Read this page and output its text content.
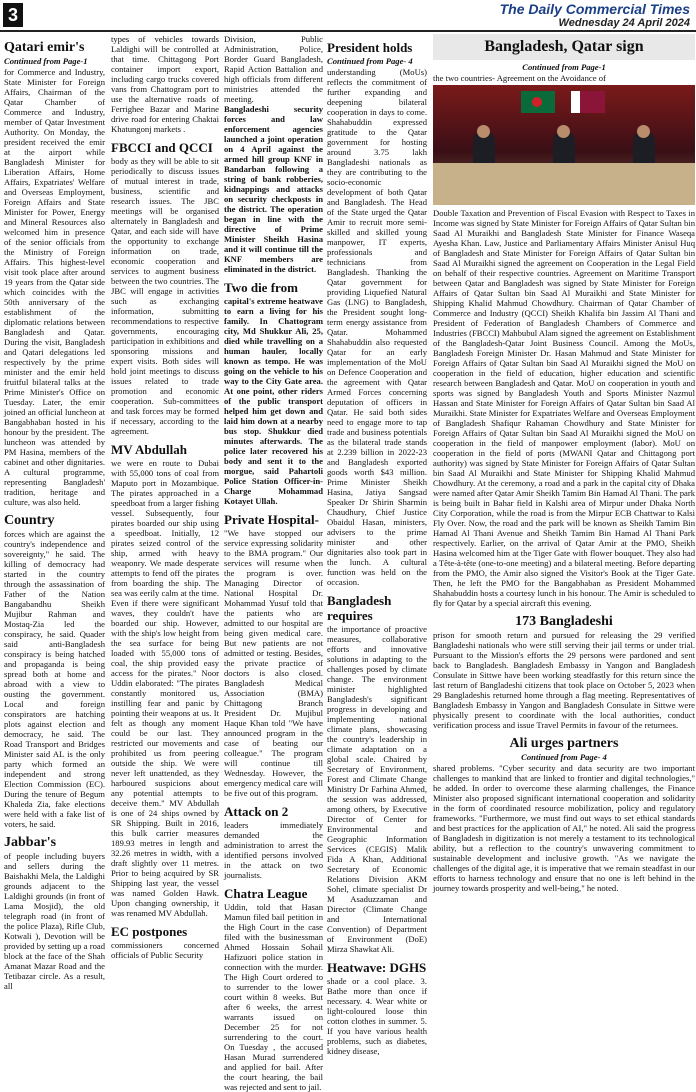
3	The Daily Commercial Times
Wednesday 24 April 2024
Qatari emir's
Continued from Page-1

for Commerce and Industry, State Minister for Foreign Affairs, Chairman of the Qatar Chamber of Commerce and Industry, member of Qatar Investment Authority. On Monday, the president received the emir at the airport while Bangladesh Minister for Liberation Affairs, Home Affairs, Expatriates' Welfare and Overseas Employment, Foreign Affairs and State Minister for Power, Energy and Mineral Resources also welcomed him in presence of the senior officials from the Ministry of Foreign Affairs. This highest-level visit took place after around 19 years from the Qatar side which coincides with the 50th anniversary of the establishment of the diplomatic relations between Bangladesh and Qatar. During the visit, Bangladesh and Qatari delegations led respectively by the prime minister and the emir held fruitful bilateral talks at the Prime Minister's Office on Tuesday. Later, the emir joined an official luncheon at Bangabhaban hosted in his honour by the president. The luncheon was attended by PM Hasina, members of the cabinet and other dignitaries. A cultural programme, representing Bangladesh' tradition, heritage and culture, was also held.

Country

forces which are against the country's independence and sovereignty," he said. The killing of democracy had started in the country through the assassination of Father of the Nation Bangabandhu Sheikh Mujibur Rahman and Mostaq-Zia led the conspiracy, he said. Quader said anti-Bangladesh conspiracy is being hatched and propaganda is being spread both at home and abroad with a view to ousting the government. Local and foreign conspirators are hatching plots against election and democracy, he said. The Road Transport and Bridges Minister said AL is the only party which formed an independent and strong Election Commission (EC). During the tenure of Begum Khaleda Zia, fake elections were held with a fake list of voters, he said.

Jabbar's

of people including buyers and sellers during the Baishakhi Mela, the Laldighi grounds adjacent to the Laldighi grounds (in front of Lama Mosjid), the old telegraph road (in front of the police Plaza), Rifle Club, Kotwali ), Devotion will be provided by setting up a road block at the face of the Shah Amanat Mazar Road and the Tetibazar circle. As a result, all

types of vehicles towards Laldighi will be controlled at that time. Chittagong Port container import export, including cargo trucks covered vans from Chattogram port to use the alternative roads of Ferrighee Bazar and Marine drive road for entering Chaktai Khatungonj markets .

FBCCI and QCCI

body as they will be able to sit periodically to discuss issues of mutual interest in trade, business, scientific and research issues. The JBC meetings will be organised alternately in Bangladesh and Qatar, and each side will have the opportunity to exchange information on trade, economic cooperation and services to augment business between the two countries. The JBC will engage in activities such as exchanging information, submitting recommendations to respective governments, encouraging participation in exhibitions and sponsoring missions and expert visits. Both sides will hold joint meetings to discuss issues related to trade promotion and economic cooperation. Sub-committees and task forces may be formed if necessary, according to the agreement.

MV Abdullah

we were en route to Dubai with 55,000 tons of coal from Maputo port in Mozambique. The pirates approached in a speedboat from a larger fishing vessel. Subsequently, four pirates boarded our ship using a speedboat. Initially, 12 pirates seized control of the ship, armed with heavy weaponry. We made desperate attempts to fend off the pirates from boarding the ship. The sea was eerily calm at the time. Even if there were significant waves, they couldn't have boarded our ship. However, with the ship's low height from the sea surface for being loaded with 55,000 tons of coal, the ship provided easy access for the pirates." Noor Uddin elaborated: "The pirates constantly monitored us, instilling fear and panic by pointing their weapons at us. It felt as though any moment could be our last. They restricted our movements and prohibited us from peering outside the ship. We were never left unattended, as they harboured suspicions about any potential attempts to deceive them." MV Abdullah is one of 24 ships owned by SR Shipping. Built in 2016, this bulk carrier measures 189.93 metres in length and 32.26 metres in width, with a draft slightly over 11 metres. Prior to being acquired by SR Shipping last year, the vessel was named Golden Hawk. Upon changing ownership, it was renamed MV Abdullah.

EC postpones

commissioners concerned officials of Public Security

Division, Public Administration, Police, Border Guard Bangladesh, Rapid Action Battalion and high officials from different ministries attended the meeting.

Bangladeshi security forces and law enforcement agencies launched a joint operation on 4 April against the armed hill group KNF in Bandarban following a string of bank robberies, kidnappings and attacks on security checkposts in the district. The operation began in line with the directive of Prime Minister Sheikh Hasina and it will continue till the KNF members are eliminated in the district.

Two die from

capital's extreme heatwave to earn a living for his family. In Chattogram city, Md Shukkur Ali, 25, died while travelling on a human hauler, locally known as tempo. He was going on the vehicle to his way to the City Gate area. At one point, other riders of the public transport helped him get down and laid him down at a nearby bus stop. Shukkur died minutes afterwards. The police later recovered his body and sent it to the morgue, said Pahartoli Police Station Officer-in-Charge Mohammad Kotayet Ullah.

Private Hospital-

"We have stopped our service expressing solidarity to the BMA program." Our services will resume when the program is over. Managing Director of National Hospital Dr. Mohammad Yusuf told that the patients who are admitted to our hospital are being given medical care. But new patients are not admitted or testing. Besides, the private practice of doctors is also closed. Bangladesh Medical Association (BMA) Chittagong Branch President Dr. Mujibul Haque Khan told "We have announced program in the case of beating our colleague." The program will continue till Wednesday. However, the emergency medical care will be five out of this program.

Attack on 2

leaders immediately demanded the administration to arrest the identified persons involved in the attack on two journalists.

Chatra League

Uddin, told that Hasan Mamun filed bail petition in the High Court in the case filed with the businessman Ahmed Hossain Sohail Hafizuori police station in connection with the murder. The High Court ordered to to surrender to the lower court within 8 weeks. But after 6 weeks, the arrest warrants issued on December 25 for not surrendering to the court. On Tuesday , the accused Hasan Murad surrendered and applied for bail. After the court hearing, the bail was rejected and sent to jail.

President holds
Continued from Page- 4

understanding (MoUs) reflects the commitment of further expanding and deepening bilateral cooperation in days to come. Shahabuddin expressed gratitude to the Qatar government for hosting around 3.75 lakh Bangladeshi nationals as they are contributing to the socio-economic development of both Qatar and Bangladesh. The Head of the State urged the Qatar Amir to recruit more semi-skilled and skilled young manpower, IT experts, professionals and technicians from Bangladesh. Thanking the Qatar government for providing Liquefied Natural Gas (LNG) to Bangladesh, the President sought long-term energy assistance from Qatar. Mohammed Shahabuddin also requested Qatar for an early implementation of the MoU on Defence Cooperation and the agreement with Qatar Armed Forces concerning deputation of officers in Qatar. He said both sides need to engage more to tap trade and business potentials as the bilateral trade stands at 2.239 billion in 2022-23 and Bangladesh exported goods worth $43 million. Prime Minister Sheikh Hasina, Jatiya Sangsad Speaker Dr Shirin Sharmin Chaudhury, Chief Justice Obaidul Hasan, ministers, advisers to the prime minister and other dignitaries also took part in the lunch. A cultural function was held on the occasion.

Bangladesh requires

the importance of proactive measures, collaborative efforts and innovative solutions in adapting to the challenges posed by climate change. The environment minister highlighted Bangladesh's significant progress in developing and implementing national climate plans, showcasing the country's leadership in climate adaptation on a global scale. Chaired by Secretary of Environment, Forest and Climate Change Ministry Dr Farhina Ahmed, the session was addressed, among others, by Executive Director of Center for Environmental and Geographic Information Services (CEGIS) Malik Fida A Khan, Additional Secretary of Economic Relations Division AKM Sohel, climate specialist Dr M Asaduzzaman and Director (Climate Change and International Convention) of Department of Environment (DoE) Mirza Shawkat Ali.

Heatwave: DGHS

shade or a cool place. 3. Bathe more than once if necessary. 4. Wear white or light-coloured loose thin cotton clothes in summer. 5. If you have various health problems, such as diabetes, kidney disease,

Bangladesh, Qatar sign
Continued from Page-1

the two countries- Agreement on the Avoidance of

Double Taxation and Prevention of Fiscal Evasion with Respect to Taxes in Income was signed by State Minister for Foreign Affairs of Qatar Sultan bin Saad Al Muraikhi and Bangladesh State Minister for Finance Waseqa Ayesha Khan. Law, Justice and Parliamentary Affairs Minister Anisul Huq of Bangladesh and State Minister for Foreign Affairs of Qatar Sultan bin Saad Al Muraikhi signed the agreement on Cooperation in the Legal Field on behalf of their respective countries. Agreement on Maritime Transport between Qatar and Bangladesh was signed by State Minister for Foreign Affairs of Qatar Sultan bin Saad Al Muraikhi and State Minister for Shipping Khalid Mahmud Chowdhury. Chairman of Qatar Chamber of Commerce and Industry (QCCI) Sheikh Khalifa bin Jassim Al Thani and President of Federation of Bangladesh Chambers of Commerce and Industries (FBCCI) Mahbubul Alam signed the agreement on Establishment of the Bangladesh-Qatar Joint Business Council. Among the MoUs, Bangladesh Foreign Minister Dr. Hasan Mahmud and State Minister for Foreign Affairs of Qatar Sultan bin Saad Al Muraikhi signed the MoU on cooperation in the field of education, higher education and scientific research between Bangladesh and Qatar. MoU on cooperation in youth and sports was signed by Bangladesh Youth and Sports Minister Nazmul Hassan and State Minister for Foreign Affairs of Qatar Sultan bin Saad Al Muraikhi. State Minister for Expatriates Welfare and Overseas Employment of Bangladesh Shafiqur Rahaman Chowdhury and State Minister for Foreign Affairs of Qatar Sultan bin Saad Al Muraikhi signed the MoU on cooperation in the field of manpower employment (labor). MoU on cooperation in the field of ports (MWANI Qatar and Chittagong port authority) was signed by State Minister for Foreign Affairs of Qatar Sultan bin Saad Al Muraikhi and State Minister for Shipping Khalid Mahmud Chowdhury. At the ceremony, a road and a park in the capital city of Dhaka were named after Qatar Amir Sheikh Tamim Bin Hamad Al Thani. The park is being built in Bahar field in Kalshi area of Mirpur under Dhaka North City Corporation, while the road is from the Mirpur ECB Chattwar to Kalsi Fly Over. Now, the road and the park will be known as Sheikh Tamim Bin Hamad Al Thani Avenue and Sheikh Tamim Bin Hamad Al Thani Park respectively. Earlier, on the arrival of Qatar Amir at the PMO, Sheikh Hasina welcomed him at the Tiger Gate with flower bouquet. They also had a Tête-à-tête (one-to-one meeting) and a bilateral meeting. Before departing from the PMO, the Amir also signed the Visitor's Book at the Tiger Gate. Then, he left the PMO for the Bangabhaban as President Mohammed Shahabuddin hosts a courtesy lunch in his honour. The Amir is scheduled to fly for Qatar by a special aircraft this evening.

173 Bangladeshi

prison for smooth return and pursued for releasing the 29 verified Bangladeshi nationals who were still serving their jail terms or under trial. Pursuant to the Mission's efforts the 29 persons were pardoned and sent back to Bangladesh. Bangladesh Embassy in Yangon and Bangladesh Consulate in Sittwe have been working steadfastly for this return since the last return of Bangladeshi citizens that took place on October 5, 2023 when 29 Bangladeshis returned home through a flag meeting. Representatives of Bangladesh Embassy in Yangon and Bangladesh Consulate in Sittwe were physically present to coordinate with the local authorities, conduct verification process and issue Travel Permits in favour of the returnees.

Ali urges partners
Continued from Page- 4

shared problems. "Cyber security and data security are two important challenges to mankind that are linked to frontier and digital technologies," he added. In order to overcome these alarming challenges, the Finance Minister also proposed significant international cooperation and solidarity in the form of coordinated resource mobilization, policy and regulatory frameworks. "Furthermore, we must find out ways to set ethical standards and best practices for the application of AI," he noted. Ali said the progress of Bangladesh in digitization is not merely a testament to its technological ability, but a reflection to the country's unwavering commitment to sustainable development and inclusive growth. "As we navigate the challenges of the digital age, it is imperative that we remain steadfast in our efforts to harness technology and ensure that no one is left behind in the journey towards prosperity and well-being," he noted.
